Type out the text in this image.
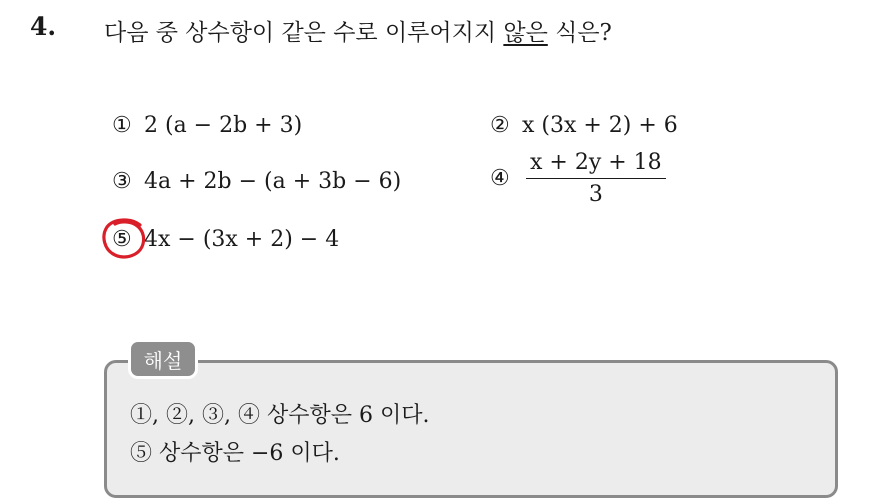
4. 다음 중 상수항이 같은 수로 이루어지지 않은 식은?
① 2 (a − 2b + 3)	② x (3x + 2) + 6
③ 4a + 2b − (a + 3b − 6)	④ $\frac{x + 2y + 18}{3}$
⑤ 4x − (3x + 2) − 4
해설
①, ②, ③, ④ 상수항은 6 이다.
⑤ 상수항은 −6 이다.
